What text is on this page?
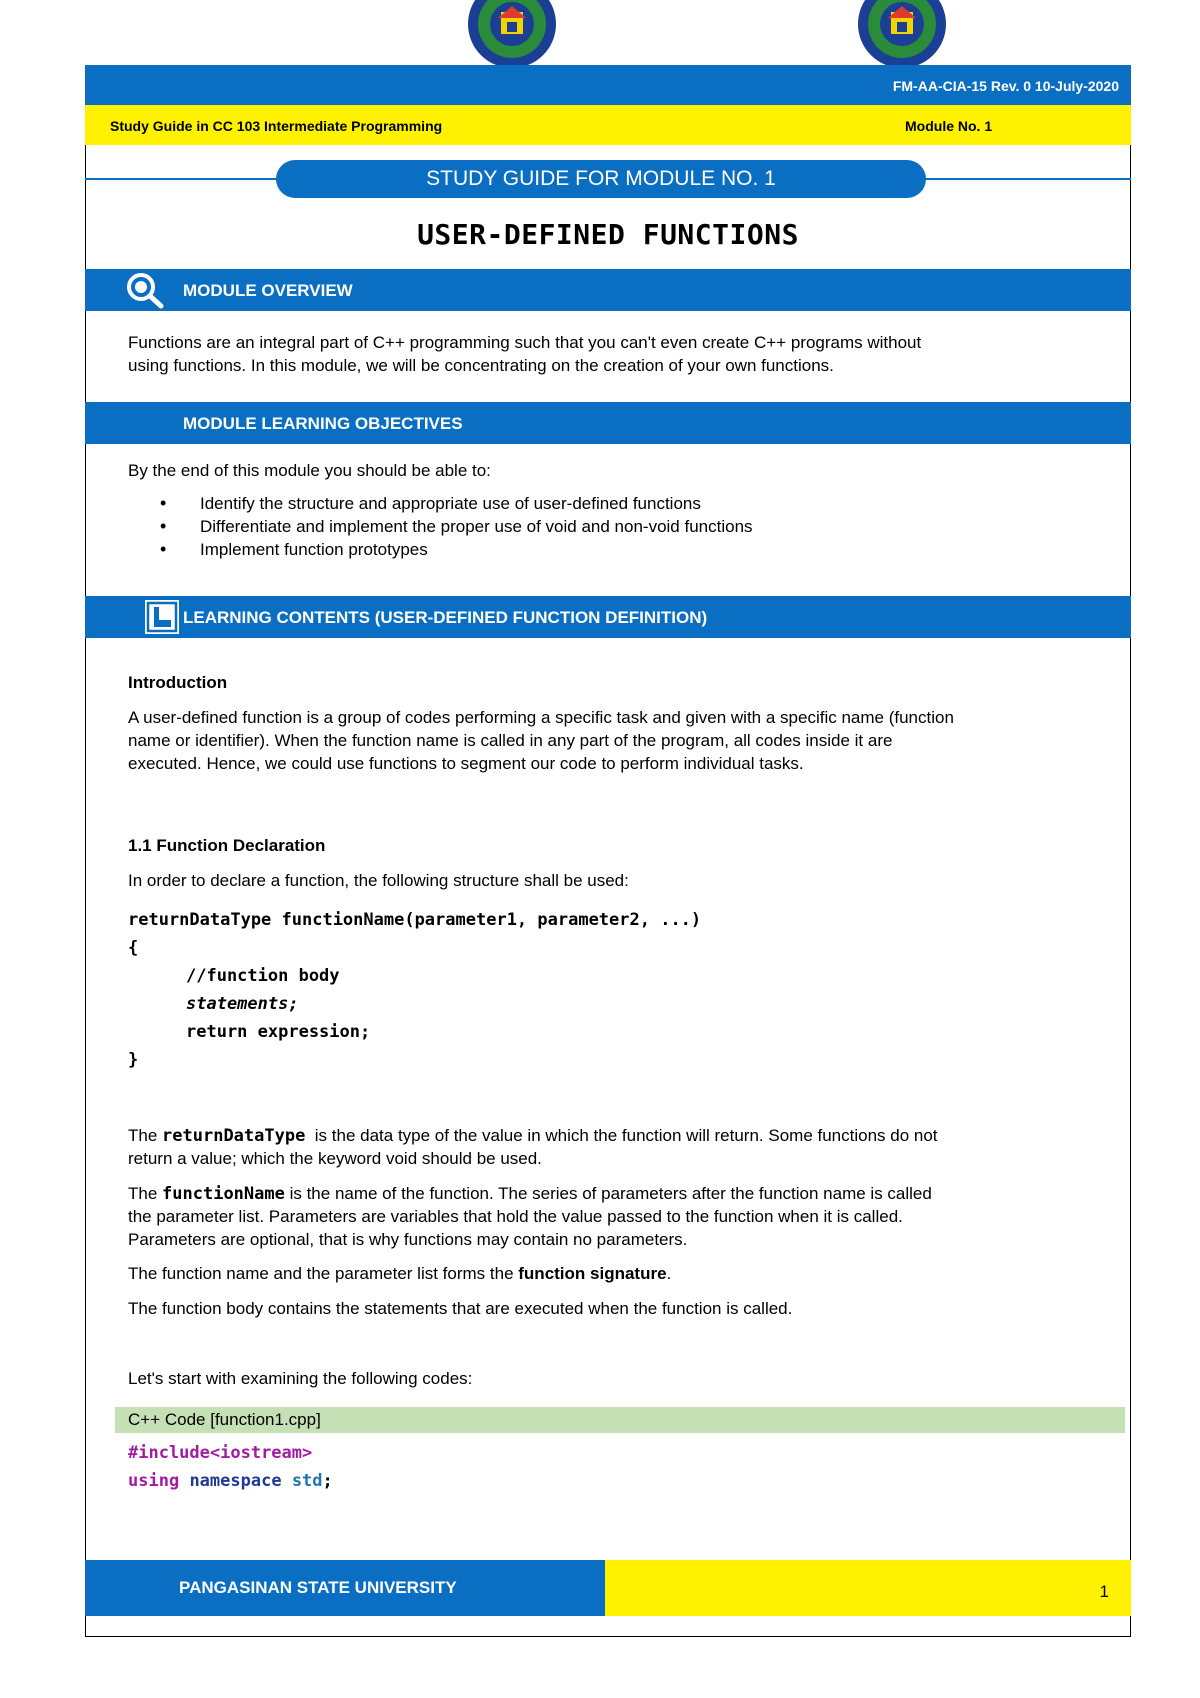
FM-AA-CIA-15 Rev. 0 10-July-2020
Study Guide in CC 103 Intermediate Programming	Module No. 1
STUDY GUIDE FOR MODULE NO. 1
USER-DEFINED FUNCTIONS
MODULE OVERVIEW
Functions are an integral part of C++ programming such that you can't even create C++ programs without
using functions. In this module, we will be concentrating on the creation of your own functions.
MODULE LEARNING OBJECTIVES
By the end of this module you should be able to:
• Identify the structure and appropriate use of user-defined functions
• Differentiate and implement the proper use of void and non-void functions
• Implement function prototypes
LEARNING CONTENTS (USER-DEFINED FUNCTION DEFINITION)
Introduction
A user-defined function is a group of codes performing a specific task and given with a specific name (function
name or identifier). When the function name is called in any part of the program, all codes inside it are
executed. Hence, we could use functions to segment our code to perform individual tasks.
1.1 Function Declaration
In order to declare a function, the following structure shall be used:
returnDataType functionName(parameter1, parameter2, ...)
{
//function body
statements;
return expression;
}
The returnDataType  is the data type of the value in which the function will return. Some functions do not
return a value; which the keyword void should be used.
The functionName is the name of the function. The series of parameters after the function name is called
the parameter list. Parameters are variables that hold the value passed to the function when it is called.
Parameters are optional, that is why functions may contain no parameters.
The function name and the parameter list forms the function signature.
The function body contains the statements that are executed when the function is called.
Let's start with examining the following codes:
C++ Code [function1.cpp]
#include<iostream>
using namespace std;
PANGASINAN STATE UNIVERSITY	1
